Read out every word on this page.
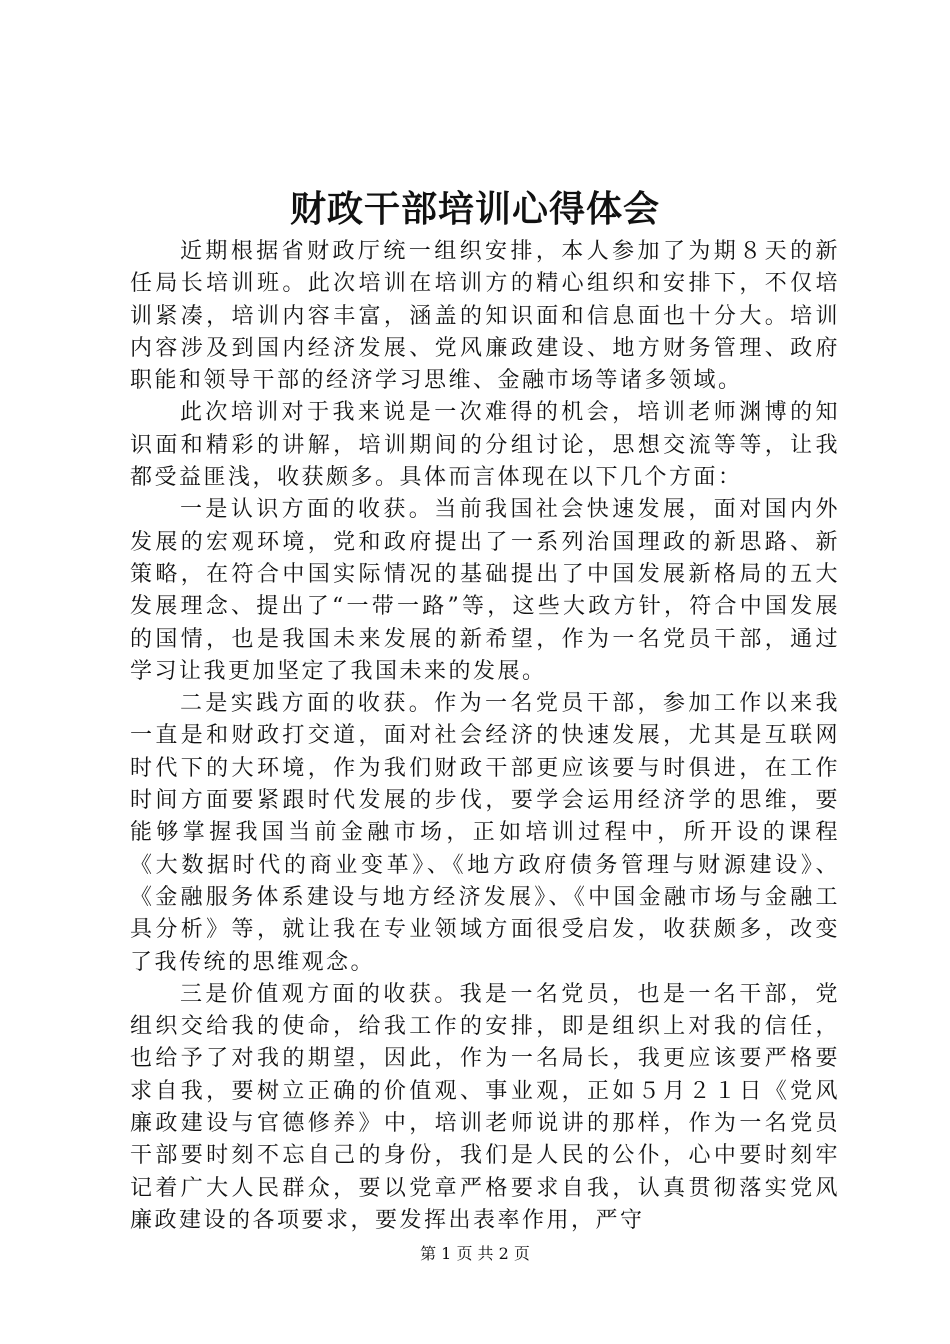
财政干部培训心得体会

近期根据省财政厅统一组织安排，本人参加了为期８天的新任局长培训班。此次培训在培训方的精心组织和安排下，不仅培训紧凑，培训内容丰富，涵盖的知识面和信息面也十分大。培训内容涉及到国内经济发展、党风廉政建设、地方财务管理、政府职能和领导干部的经济学习思维、金融市场等诸多领域。

此次培训对于我来说是一次难得的机会，培训老师渊博的知识面和精彩的讲解，培训期间的分组讨论，思想交流等等，让我都受益匪浅，收获颇多。具体而言体现在以下几个方面：

一是认识方面的收获。当前我国社会快速发展，面对国内外发展的宏观环境，党和政府提出了一系列治国理政的新思路、新策略，在符合中国实际情况的基础提出了中国发展新格局的五大发展理念、提出了“一带一路”等，这些大政方针，符合中国发展的国情，也是我国未来发展的新希望，作为一名党员干部，通过学习让我更加坚定了我国未来的发展。

二是实践方面的收获。作为一名党员干部，参加工作以来我一直是和财政打交道，面对社会经济的快速发展，尤其是互联网时代下的大环境，作为我们财政干部更应该要与时俱进，在工作时间方面要紧跟时代发展的步伐，要学会运用经济学的思维，要能够掌握我国当前金融市场，正如培训过程中，所开设的课程《大数据时代的商业变革》、《地方政府债务管理与财源建设》、《金融服务体系建设与地方经济发展》、《中国金融市场与金融工具分析》等，就让我在专业领域方面很受启发，收获颇多，改变了我传统的思维观念。

三是价值观方面的收获。我是一名党员，也是一名干部，党组织交给我的使命，给我工作的安排，即是组织上对我的信任，也给予了对我的期望，因此，作为一名局长，我更应该要严格要求自我，要树立正确的价值观、事业观，正如５月２１日《党风廉政建设与官德修养》中，培训老师说讲的那样，作为一名党员干部要时刻不忘自己的身份，我们是人民的公仆，心中要时刻牢记着广大人民群众，要以党章严格要求自我，认真贯彻落实党风廉政建设的各项要求，要发挥出表率作用，严守

第 1 页 共 2 页
